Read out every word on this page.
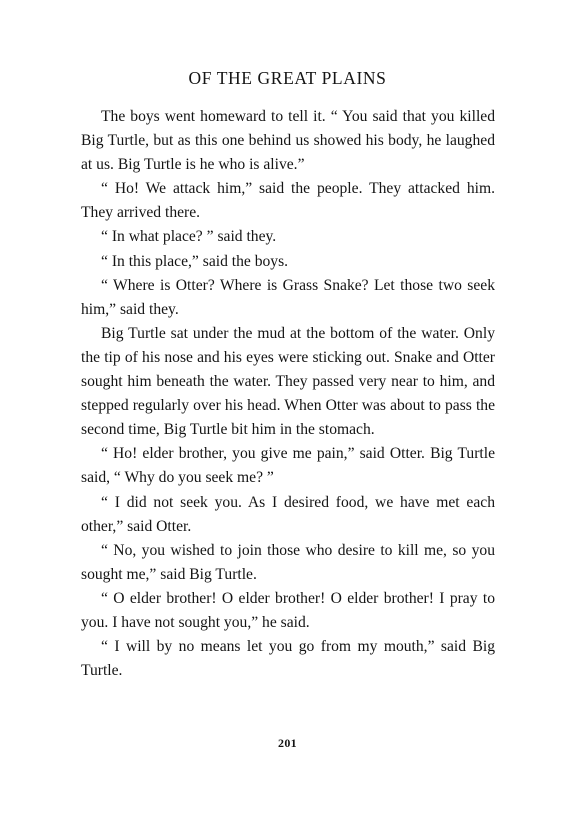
OF THE GREAT PLAINS

The boys went homeward to tell it. “ You said that you killed Big Turtle, but as this one behind us showed his body, he laughed at us. Big Turtle is he who is alive.”

“ Ho! We attack him,” said the people. They attacked him. They arrived there.

“ In what place? ” said they.

“ In this place,” said the boys.

“ Where is Otter? Where is Grass Snake? Let those two seek him,” said they.

Big Turtle sat under the mud at the bottom of the water. Only the tip of his nose and his eyes were sticking out. Snake and Otter sought him beneath the water. They passed very near to him, and stepped regularly over his head. When Otter was about to pass the second time, Big Turtle bit him in the stomach.

“ Ho! elder brother, you give me pain,” said Otter. Big Turtle said, “ Why do you seek me? ”

“ I did not seek you. As I desired food, we have met each other,” said Otter.

“ No, you wished to join those who desire to kill me, so you sought me,” said Big Turtle.

“ O elder brother! O elder brother! O elder brother! I pray to you. I have not sought you,” he said.

“ I will by no means let you go from my mouth,” said Big Turtle.

201
